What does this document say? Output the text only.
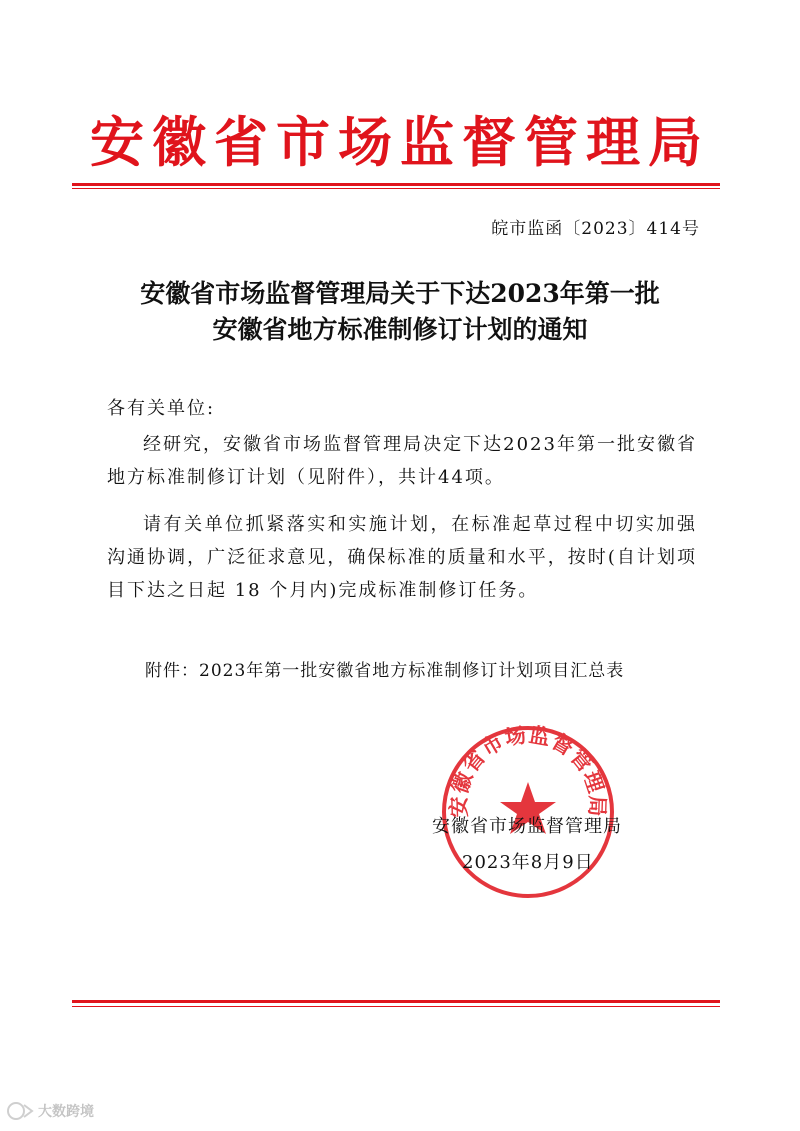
安徽省市场监督管理局
皖市监函〔2023〕414号
安徽省市场监督管理局关于下达2023年第一批
安徽省地方标准制修订计划的通知
各有关单位:
经研究，安徽省市场监督管理局决定下达2023年第一批安徽省地方标准制修订计划（见附件），共计44项。
请有关单位抓紧落实和实施计划，在标准起草过程中切实加强沟通协调，广泛征求意见，确保标准的质量和水平，按时(自计划项目下达之日起 18 个月内)完成标准制修订任务。
附件：2023年第一批安徽省地方标准制修订计划项目汇总表
安徽省市场监督管理局
安徽省市场监督管理局
2023年8月9日
大数跨境
